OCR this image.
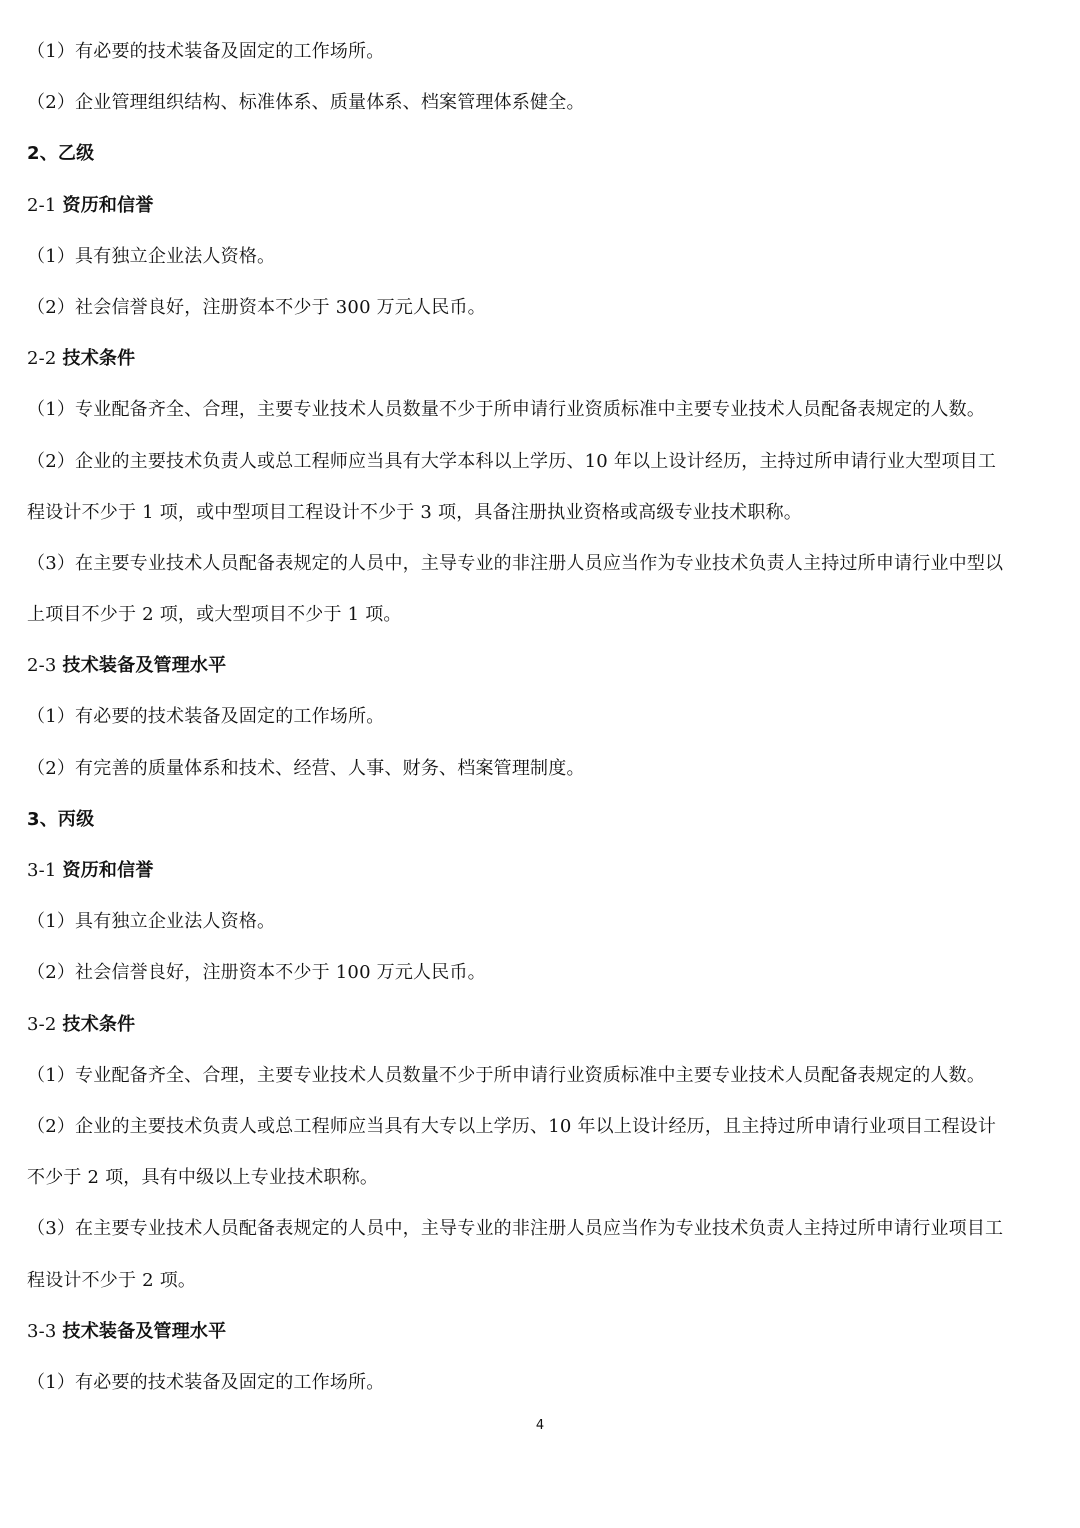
（1）有必要的技术装备及固定的工作场所。
（2）企业管理组织结构、标准体系、质量体系、档案管理体系健全。
2、乙级
2-1 资历和信誉
（1）具有独立企业法人资格。
（2）社会信誉良好，注册资本不少于 300 万元人民币。
2-2 技术条件
（1）专业配备齐全、合理，主要专业技术人员数量不少于所申请行业资质标准中主要专业技术人员配备表规定的人数。
（2）企业的主要技术负责人或总工程师应当具有大学本科以上学历、10 年以上设计经历，主持过所申请行业大型项目工
程设计不少于 1 项，或中型项目工程设计不少于 3 项，具备注册执业资格或高级专业技术职称。
（3）在主要专业技术人员配备表规定的人员中，主导专业的非注册人员应当作为专业技术负责人主持过所申请行业中型以
上项目不少于 2 项，或大型项目不少于 1 项。
2-3 技术装备及管理水平
（1）有必要的技术装备及固定的工作场所。
（2）有完善的质量体系和技术、经营、人事、财务、档案管理制度。
3、丙级
3-1 资历和信誉
（1）具有独立企业法人资格。
（2）社会信誉良好，注册资本不少于 100 万元人民币。
3-2 技术条件
（1）专业配备齐全、合理，主要专业技术人员数量不少于所申请行业资质标准中主要专业技术人员配备表规定的人数。
（2）企业的主要技术负责人或总工程师应当具有大专以上学历、10 年以上设计经历，且主持过所申请行业项目工程设计
不少于 2 项，具有中级以上专业技术职称。
（3）在主要专业技术人员配备表规定的人员中，主导专业的非注册人员应当作为专业技术负责人主持过所申请行业项目工
程设计不少于 2 项。
3-3 技术装备及管理水平
（1）有必要的技术装备及固定的工作场所。
4
